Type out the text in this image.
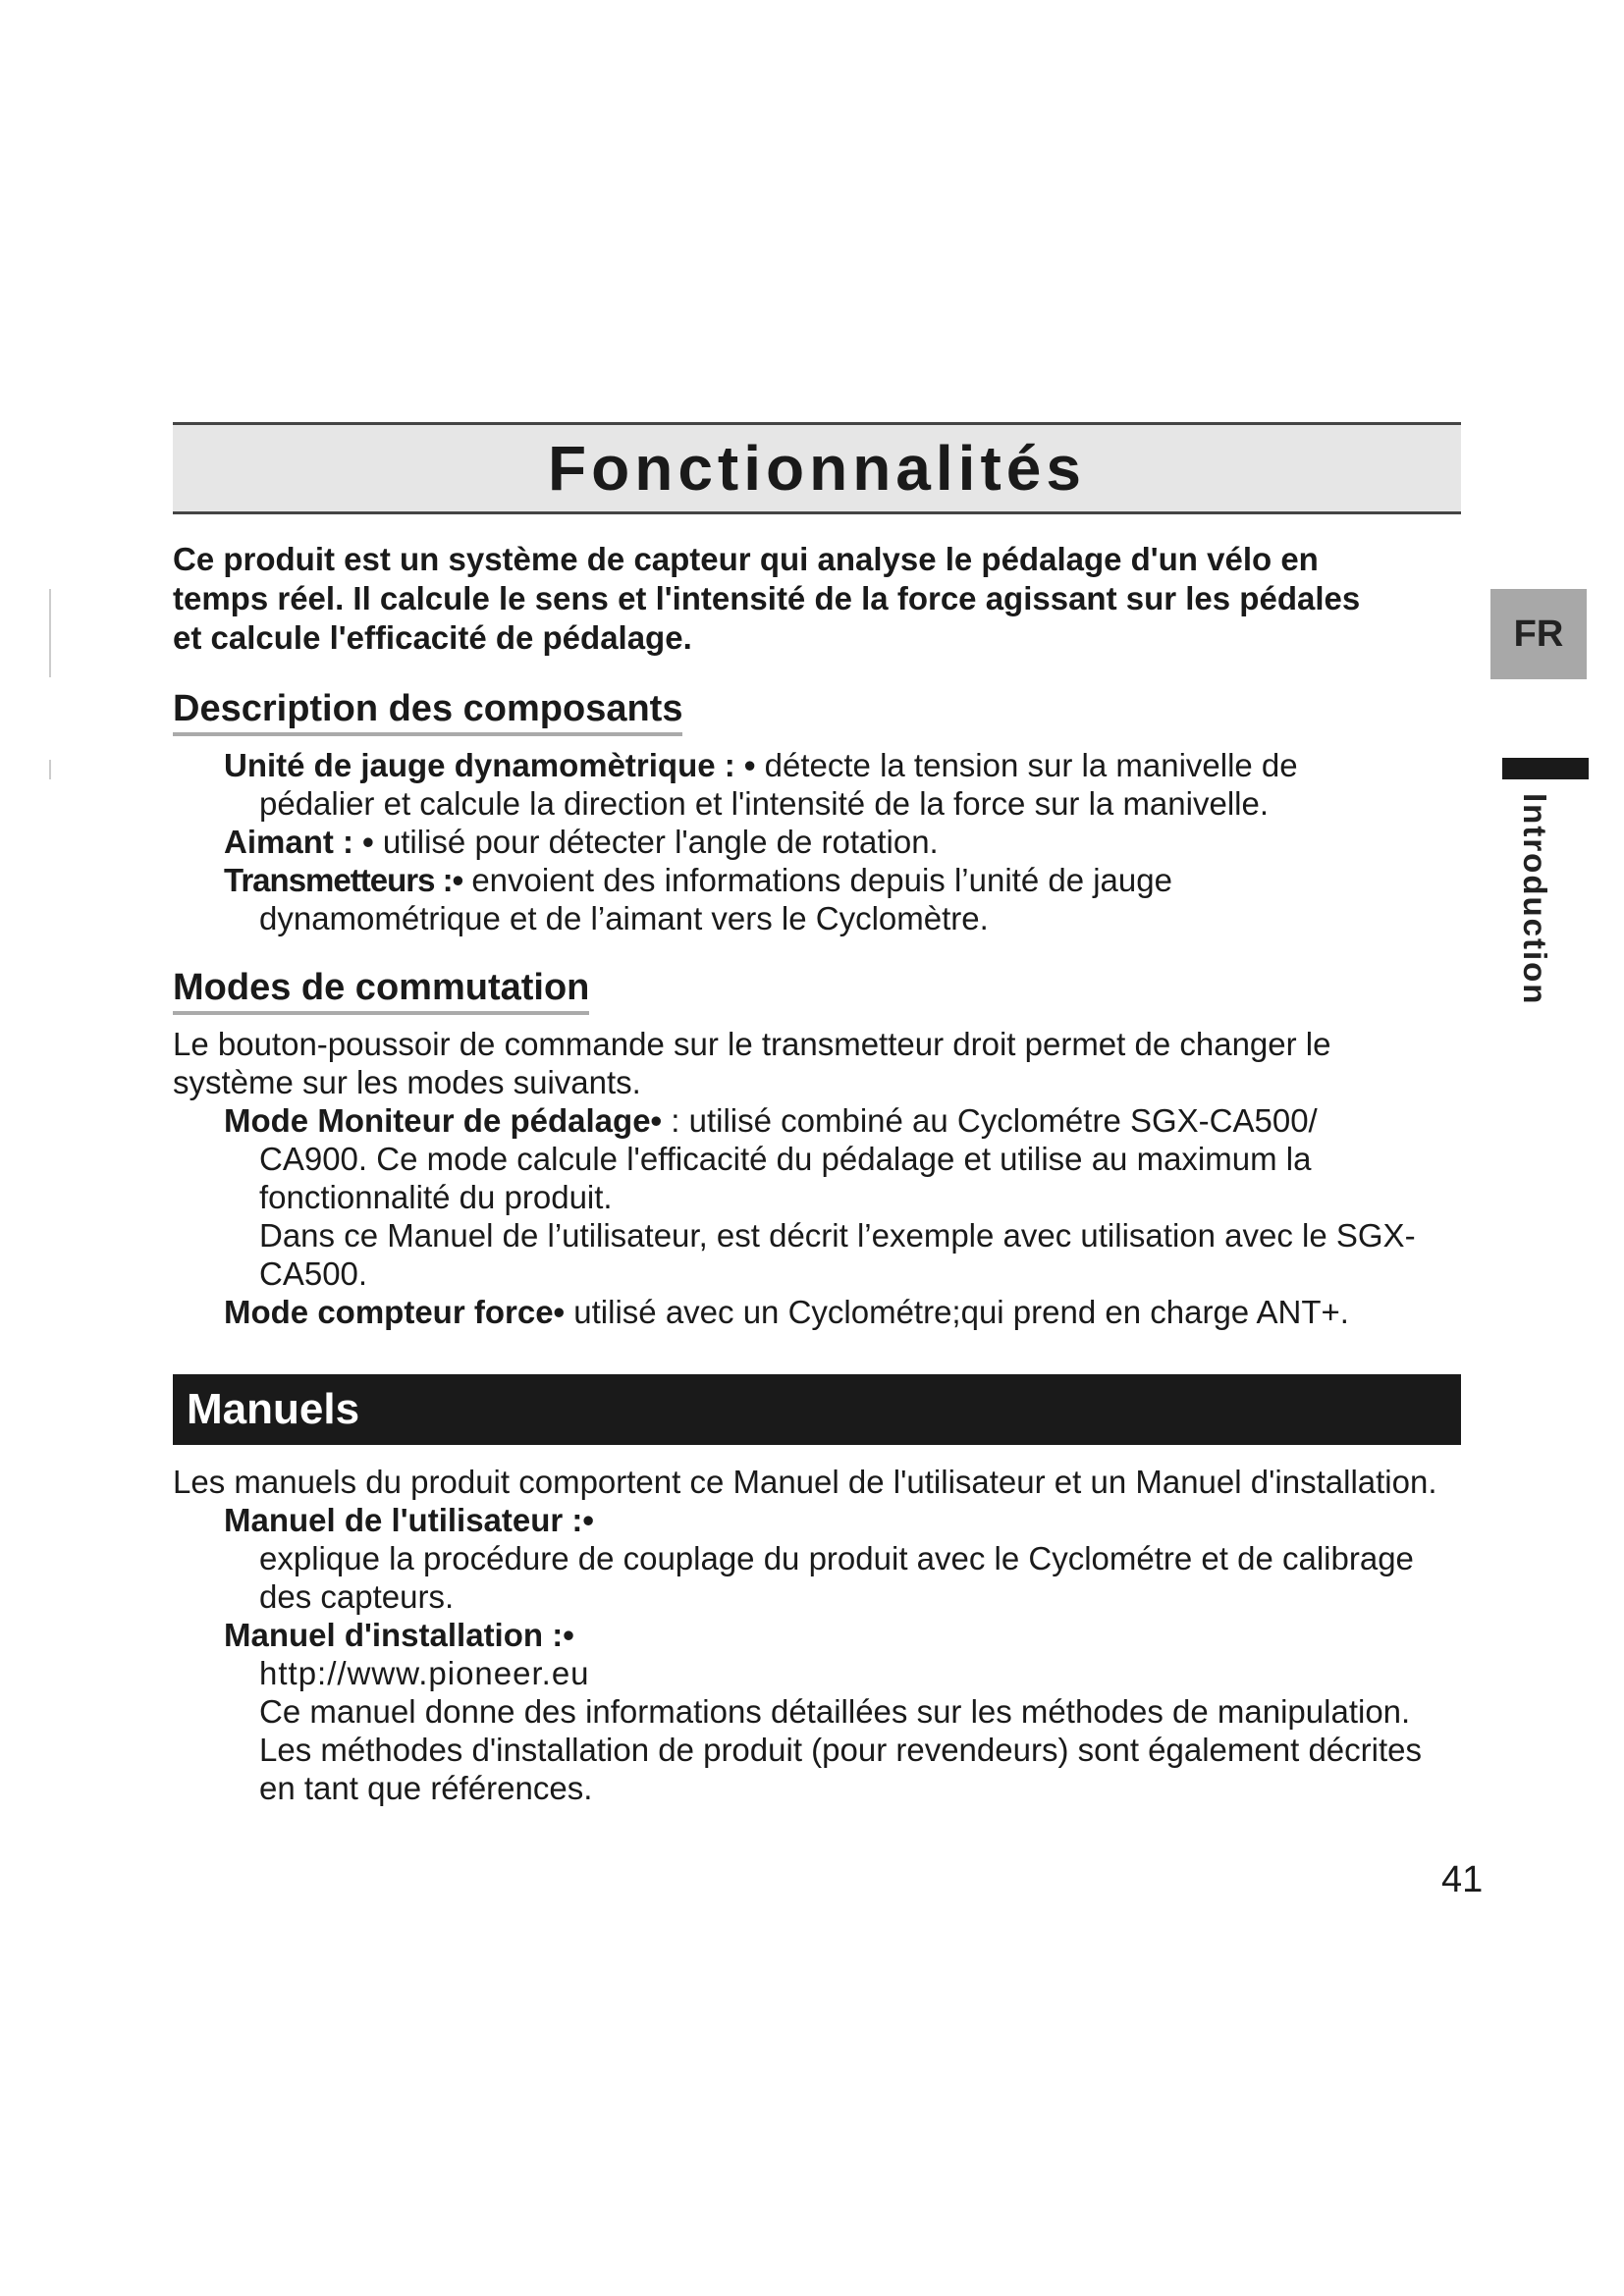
Fonctionnalités
Ce produit est un système de capteur qui analyse le pédalage d'un vélo en temps réel. Il calcule le sens et l'intensité de la force agissant sur les pédales et calcule l'efficacité de pédalage.	FR
Introduction
Description des composants
Unité de jauge dynamomètrique : • détecte la tension sur la manivelle de
pédalier et calcule la direction et l'intensité de la force sur la manivelle.
Aimant : • utilisé pour détecter l'angle de rotation.
Transmetteurs :• envoient des informations depuis l’unité de jauge
dynamométrique et de l’aimant vers le Cyclomètre.
Modes de commutation
Le bouton-poussoir de commande sur le transmetteur droit permet de changer le système sur les modes suivants.
Mode Moniteur de pédalage• : utilisé combiné au Cyclométre SGX-CA500/
CA900. Ce mode calcule l'efficacité du pédalage et utilise au maximum la fonctionnalité du produit.
Dans ce Manuel de l’utilisateur, est décrit l’exemple avec utilisation avec le SGX-CA500.
Mode compteur force• utilisé avec un Cyclométre;qui prend en charge ANT+.
Manuels
Les manuels du produit comportent ce Manuel de l'utilisateur et un Manuel d'installation.
Manuel de l'utilisateur :•
explique la procédure de couplage du produit avec le Cyclométre et de calibrage des capteurs.
Manuel d'installation :•
http://www.pioneer.eu
Ce manuel donne des informations détaillées sur les méthodes de manipulation. Les méthodes d'installation de produit (pour revendeurs) sont également décrites en tant que références.
41
